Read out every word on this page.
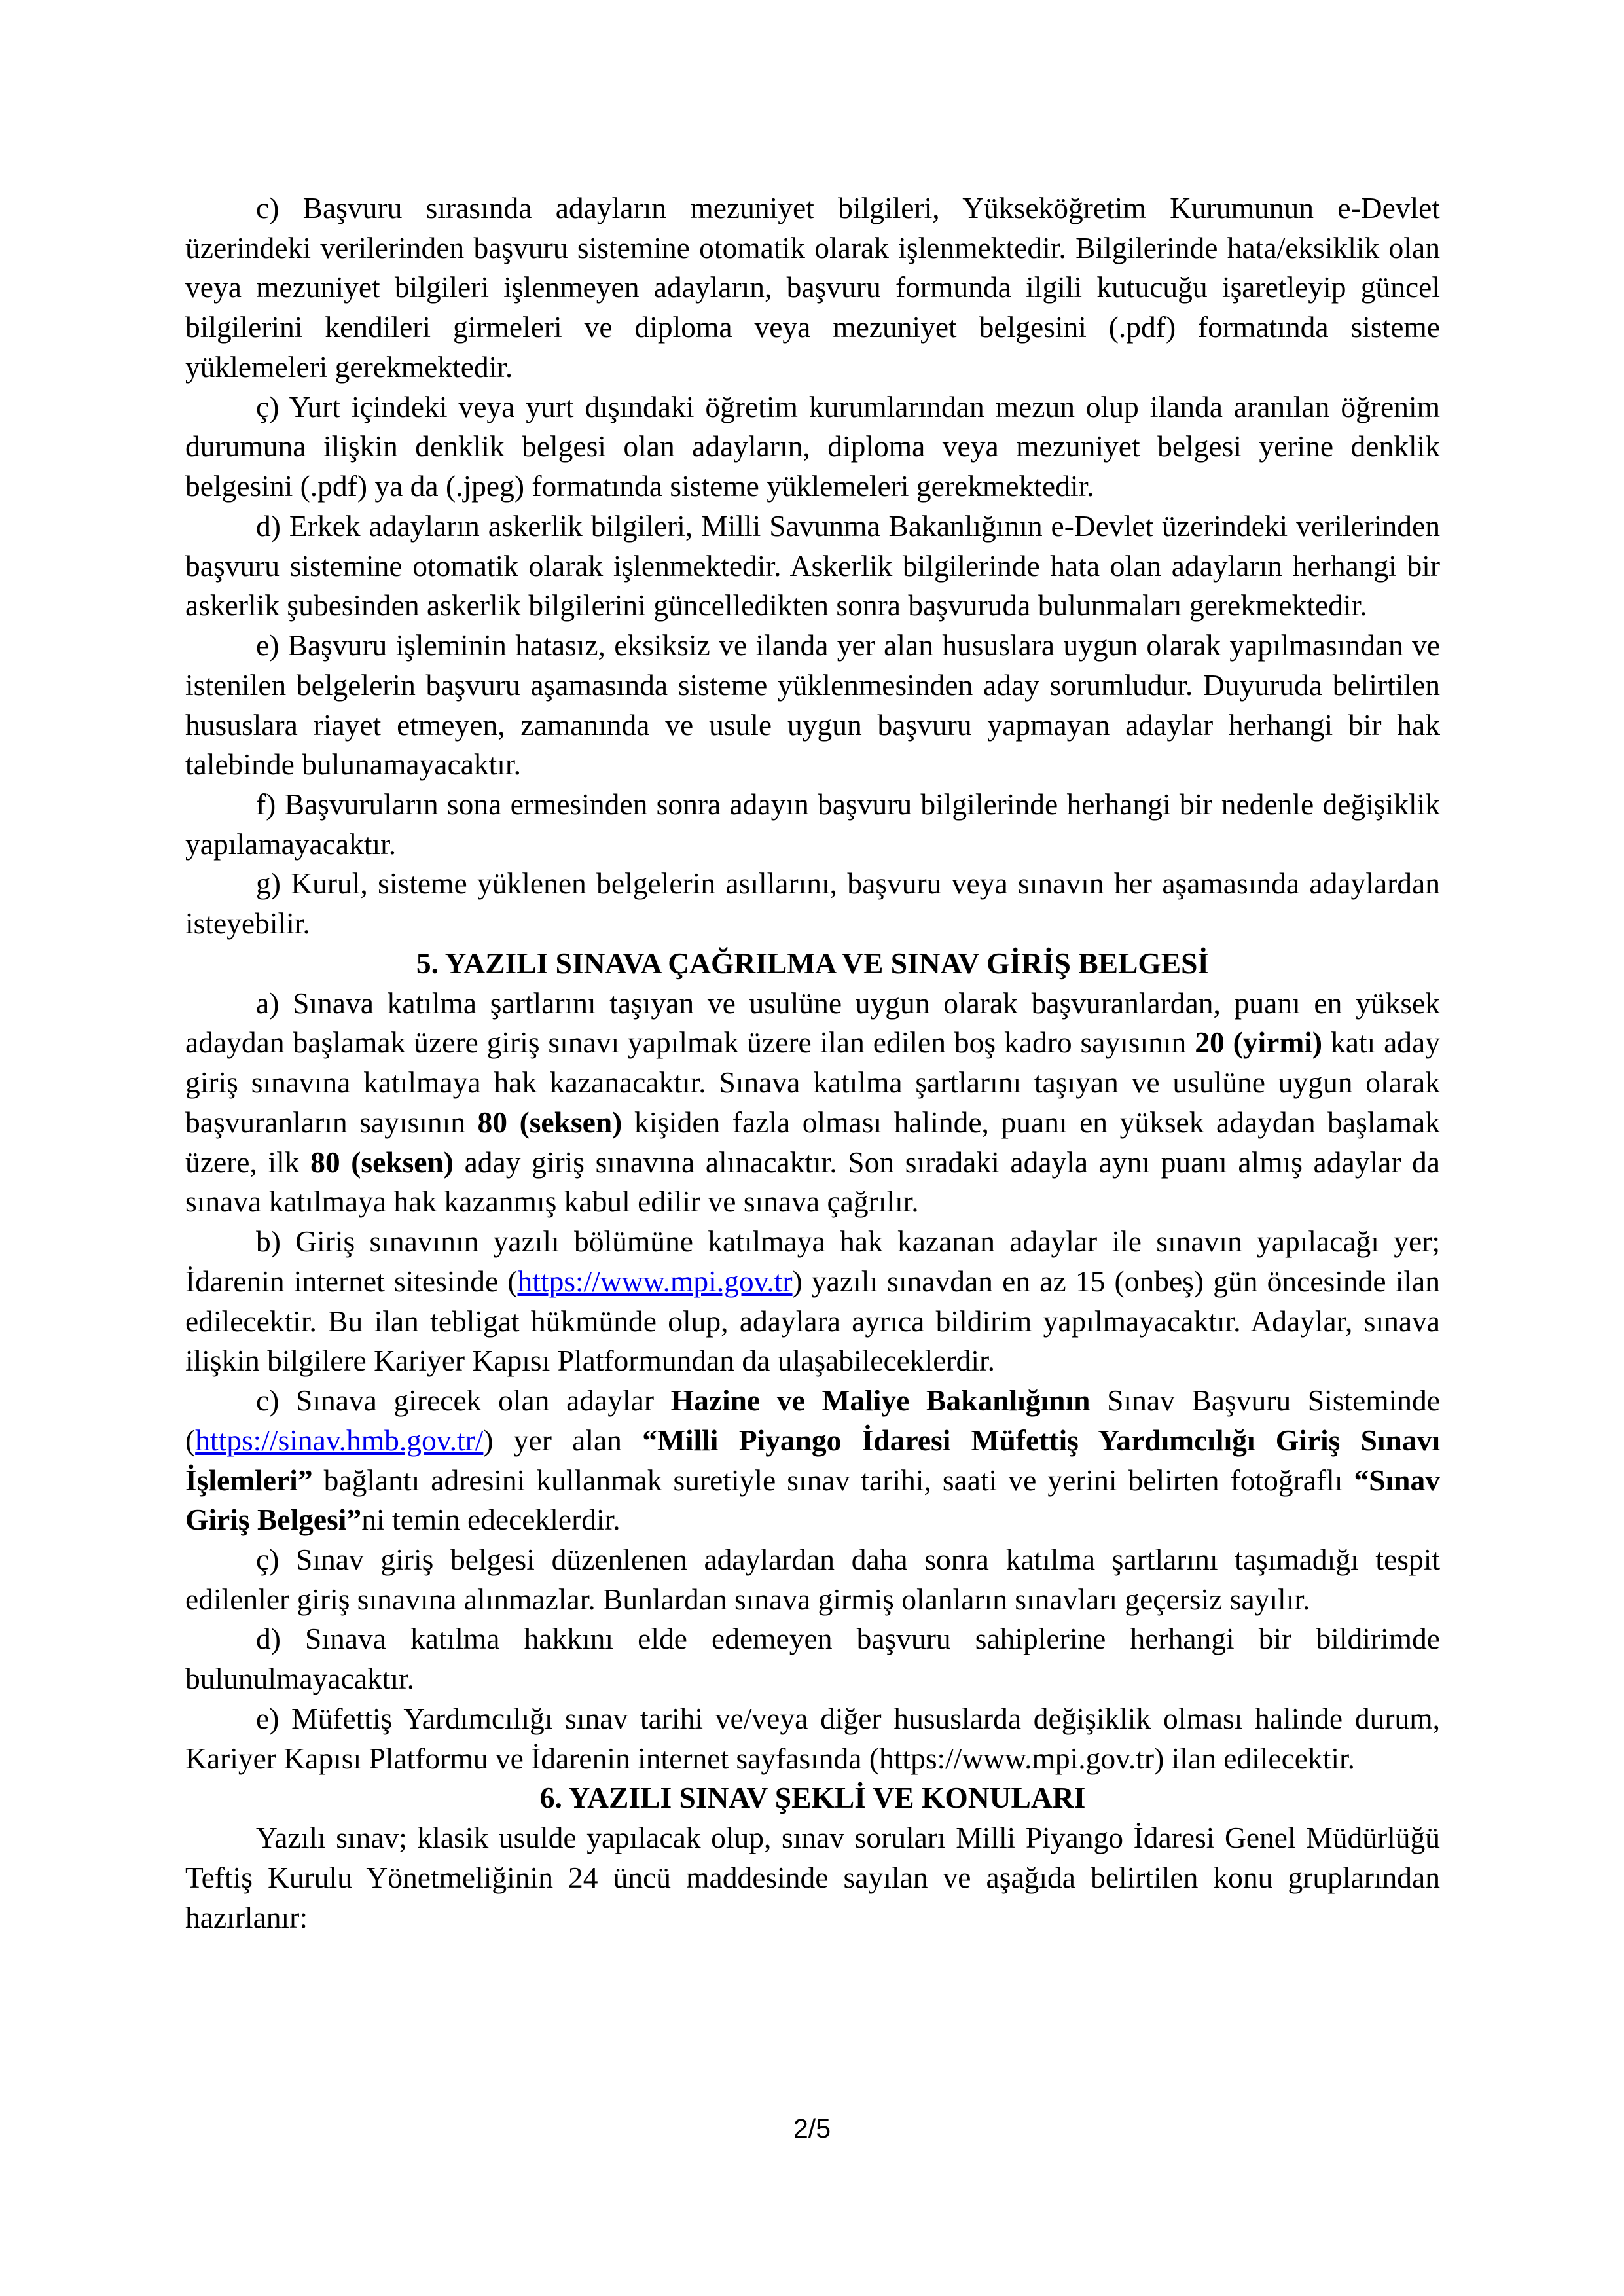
c) Başvuru sırasında adayların mezuniyet bilgileri, Yükseköğretim Kurumunun e-Devlet üzerindeki verilerinden başvuru sistemine otomatik olarak işlenmektedir. Bilgilerinde hata/eksiklik olan veya mezuniyet bilgileri işlenmeyen adayların, başvuru formunda ilgili kutucuğu işaretleyip güncel bilgilerini kendileri girmeleri ve diploma veya mezuniyet belgesini (.pdf) formatında sisteme yüklemeleri gerekmektedir.

ç) Yurt içindeki veya yurt dışındaki öğretim kurumlarından mezun olup ilanda aranılan öğrenim durumuna ilişkin denklik belgesi olan adayların, diploma veya mezuniyet belgesi yerine denklik belgesini (.pdf) ya da (.jpeg) formatında sisteme yüklemeleri gerekmektedir.

d) Erkek adayların askerlik bilgileri, Milli Savunma Bakanlığının e-Devlet üzerindeki verilerinden başvuru sistemine otomatik olarak işlenmektedir. Askerlik bilgilerinde hata olan adayların herhangi bir askerlik şubesinden askerlik bilgilerini güncelledikten sonra başvuruda bulunmaları gerekmektedir.

e) Başvuru işleminin hatasız, eksiksiz ve ilanda yer alan hususlara uygun olarak yapılmasından ve istenilen belgelerin başvuru aşamasında sisteme yüklenmesinden aday sorumludur. Duyuruda belirtilen hususlara riayet etmeyen, zamanında ve usule uygun başvuru yapmayan adaylar herhangi bir hak talebinde bulunamayacaktır.

f) Başvuruların sona ermesinden sonra adayın başvuru bilgilerinde herhangi bir nedenle değişiklik yapılamayacaktır.

g) Kurul, sisteme yüklenen belgelerin asıllarını, başvuru veya sınavın her aşamasında adaylardan isteyebilir.

5. YAZILI SINAVA ÇAĞRILMA VE SINAV GİRİŞ BELGESİ

a) Sınava katılma şartlarını taşıyan ve usulüne uygun olarak başvuranlardan, puanı en yüksek adaydan başlamak üzere giriş sınavı yapılmak üzere ilan edilen boş kadro sayısının 20 (yirmi) katı aday giriş sınavına katılmaya hak kazanacaktır. Sınava katılma şartlarını taşıyan ve usulüne uygun olarak başvuranların sayısının 80 (seksen) kişiden fazla olması halinde, puanı en yüksek adaydan başlamak üzere, ilk 80 (seksen) aday giriş sınavına alınacaktır. Son sıradaki adayla aynı puanı almış adaylar da sınava katılmaya hak kazanmış kabul edilir ve sınava çağrılır.

b) Giriş sınavının yazılı bölümüne katılmaya hak kazanan adaylar ile sınavın yapılacağı yer; İdarenin internet sitesinde (https://www.mpi.gov.tr) yazılı sınavdan en az 15 (onbeş) gün öncesinde ilan edilecektir. Bu ilan tebligat hükmünde olup, adaylara ayrıca bildirim yapılmayacaktır. Adaylar, sınava ilişkin bilgilere Kariyer Kapısı Platformundan da ulaşabileceklerdir.

c) Sınava girecek olan adaylar Hazine ve Maliye Bakanlığının Sınav Başvuru Sisteminde (https://sinav.hmb.gov.tr/) yer alan “Milli Piyango İdaresi Müfettiş Yardımcılığı Giriş Sınavı İşlemleri” bağlantı adresini kullanmak suretiyle sınav tarihi, saati ve yerini belirten fotoğraflı “Sınav Giriş Belgesi”ni temin edeceklerdir.

ç) Sınav giriş belgesi düzenlenen adaylardan daha sonra katılma şartlarını taşımadığı tespit edilenler giriş sınavına alınmazlar. Bunlardan sınava girmiş olanların sınavları geçersiz sayılır.

d) Sınava katılma hakkını elde edemeyen başvuru sahiplerine herhangi bir bildirimde bulunulmayacaktır.

e) Müfettiş Yardımcılığı sınav tarihi ve/veya diğer hususlarda değişiklik olması halinde durum, Kariyer Kapısı Platformu ve İdarenin internet sayfasında (https://www.mpi.gov.tr) ilan edilecektir.

6. YAZILI SINAV ŞEKLİ VE KONULARI

Yazılı sınav; klasik usulde yapılacak olup, sınav soruları Milli Piyango İdaresi Genel Müdürlüğü Teftiş Kurulu Yönetmeliğinin 24 üncü maddesinde sayılan ve aşağıda belirtilen konu gruplarından hazırlanır:

2/5
